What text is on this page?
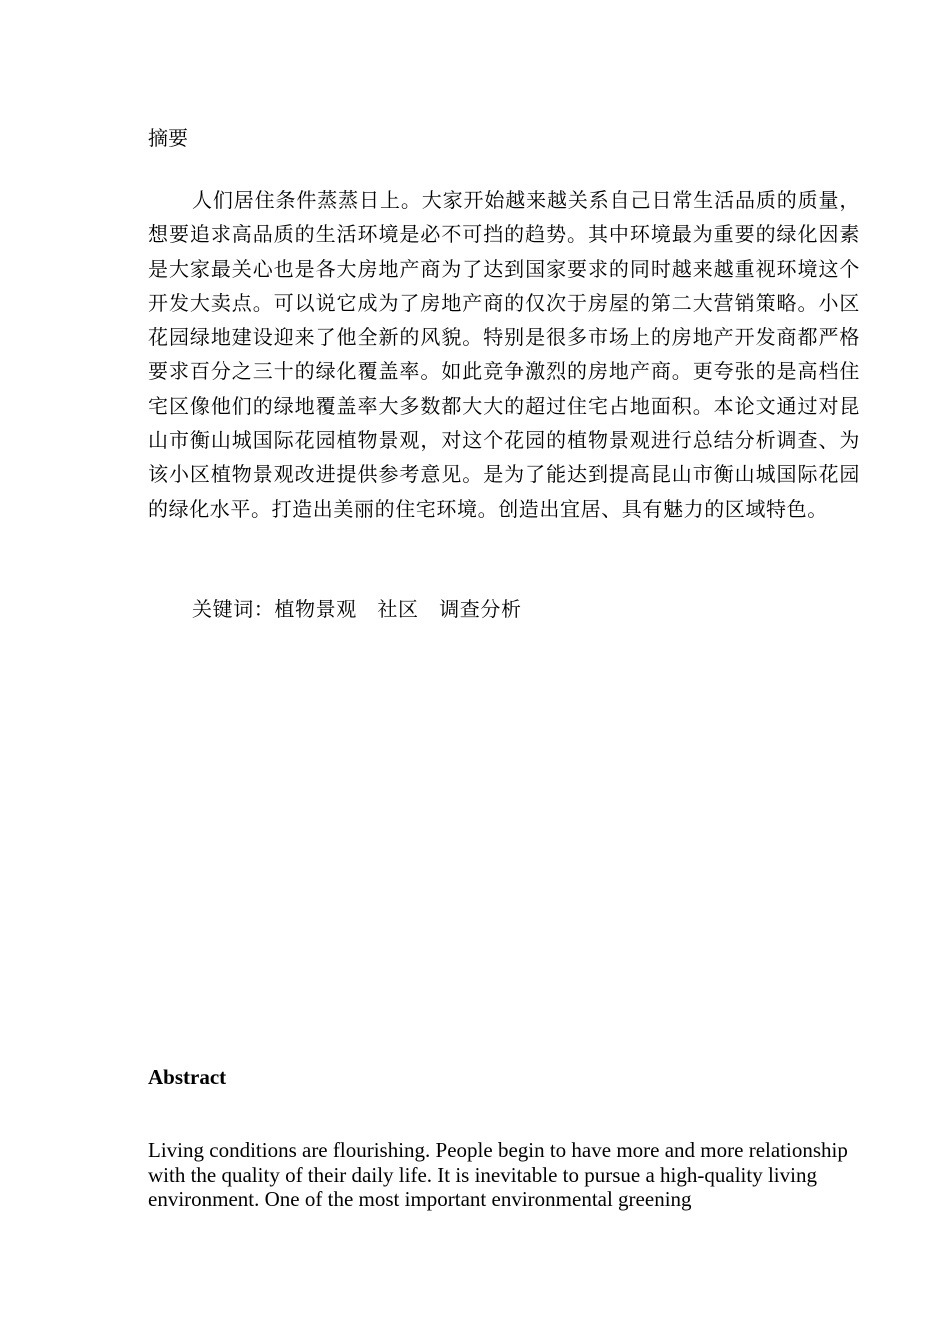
摘要

人们居住条件蒸蒸日上。大家开始越来越关系自己日常生活品质的质量，想要追求高品质的生活环境是必不可挡的趋势。其中环境最为重要的绿化因素是大家最关心也是各大房地产商为了达到国家要求的同时越来越重视环境这个开发大卖点。可以说它成为了房地产商的仅次于房屋的第二大营销策略。小区花园绿地建设迎来了他全新的风貌。特别是很多市场上的房地产开发商都严格要求百分之三十的绿化覆盖率。如此竞争激烈的房地产商。更夸张的是高档住宅区像他们的绿地覆盖率大多数都大大的超过住宅占地面积。本论文通过对昆山市衡山城国际花园植物景观，对这个花园的植物景观进行总结分析调查、为该小区植物景观改进提供参考意见。是为了能达到提高昆山市衡山城国际花园的绿化水平。打造出美丽的住宅环境。创造出宜居、具有魅力的区域特色。

关键词：植物景观　社区　调查分析

Abstract

Living conditions are flourishing. People begin to have more and more relationship with the quality of their daily life. It is inevitable to pursue a high-quality living environment. One of the most important environmental greening
